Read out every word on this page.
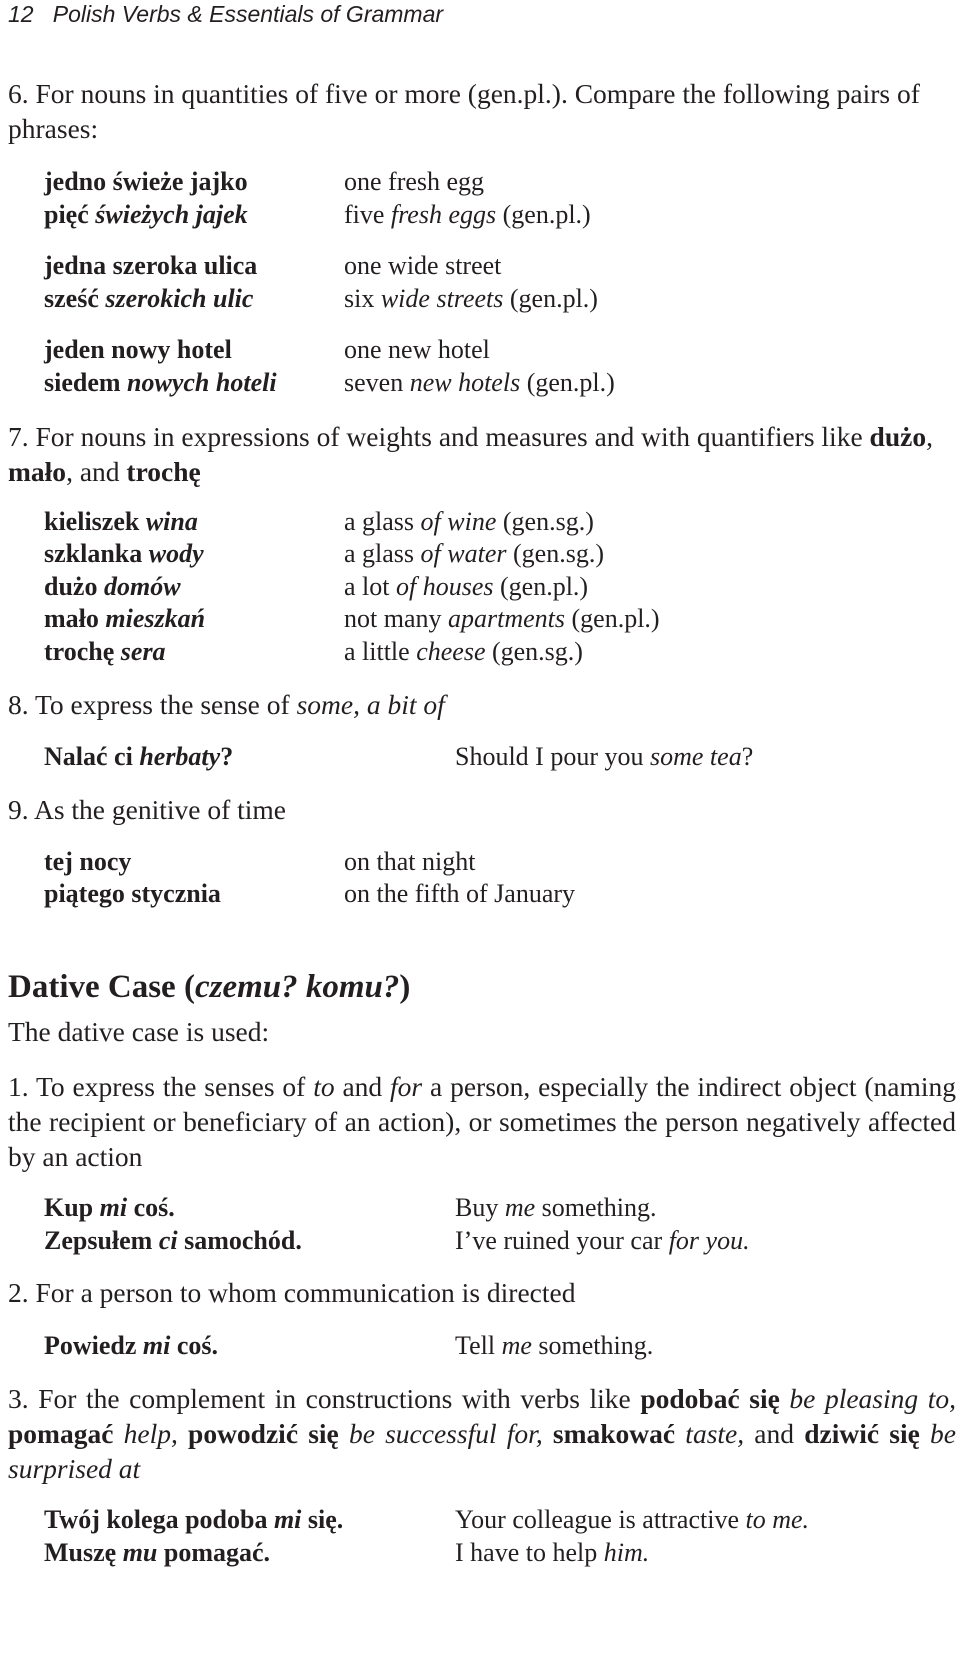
12 Polish Verbs & Essentials of Grammar
6. For nouns in quantities of five or more (gen.pl.). Compare the following pairs of phrases:
jedno świeże jajko	one fresh egg
pięć świeżych jajek	five fresh eggs (gen.pl.)
jedna szeroka ulica	one wide street
sześć szerokich ulic	six wide streets (gen.pl.)
jeden nowy hotel	one new hotel
siedem nowych hoteli	seven new hotels (gen.pl.)
7. For nouns in expressions of weights and measures and with quantifiers like dużo, mało, and trochę
kieliszek wina	a glass of wine (gen.sg.)
szklanka wody	a glass of water (gen.sg.)
dużo domów	a lot of houses (gen.pl.)
mało mieszkań	not many apartments (gen.pl.)
trochę sera	a little cheese (gen.sg.)
8. To express the sense of some, a bit of
Nalać ci herbaty?	Should I pour you some tea?
9. As the genitive of time
tej nocy	on that night
piątego stycznia	on the fifth of January
Dative Case (czemu? komu?)
The dative case is used:
1. To express the senses of to and for a person, especially the indirect object (naming the recipient or beneficiary of an action), or sometimes the person negatively affected by an action
Kup mi coś.	Buy me something.
Zepsułem ci samochód.	I’ve ruined your car for you.
2. For a person to whom communication is directed
Powiedz mi coś.	Tell me something.
3. For the complement in constructions with verbs like podobać się be pleasing to, pomagać help, powodzić się be successful for, smakować taste, and dziwić się be surprised at
Twój kolega podoba mi się.	Your colleague is attractive to me.
Muszę mu pomagać.	I have to help him.
